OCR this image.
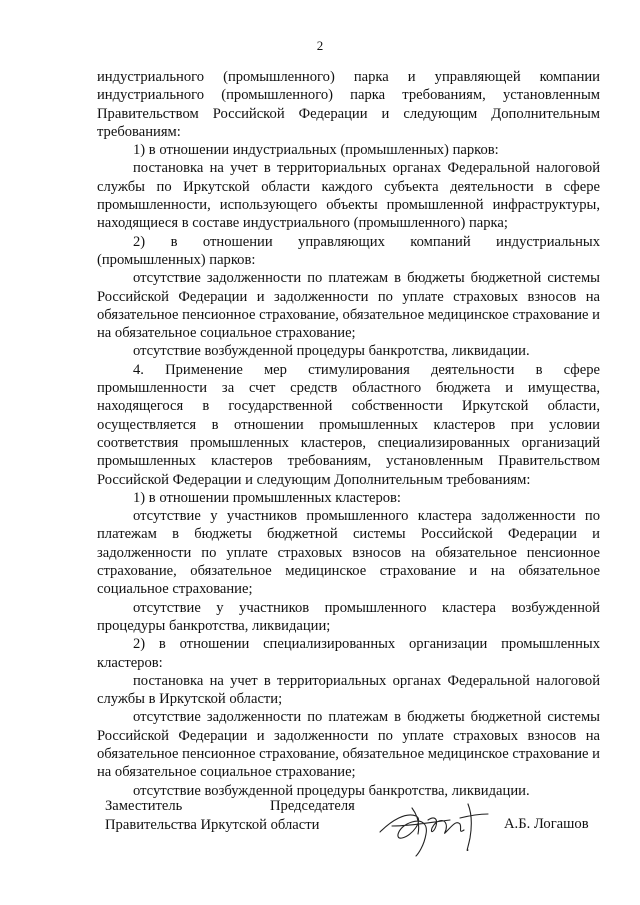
2

индустриального (промышленного) парка и управляющей компании индустриального (промышленного) парка требованиям, установленным Правительством Российской Федерации и следующим Дополнительным требованиям:

1) в отношении индустриальных (промышленных) парков:

постановка на учет в территориальных органах Федеральной налоговой службы по Иркутской области каждого субъекта деятельности в сфере промышленности, использующего объекты промышленной инфраструктуры, находящиеся в составе индустриального (промышленного) парка;

2) в отношении управляющих компаний индустриальных (промышленных) парков:

отсутствие задолженности по платежам в бюджеты бюджетной системы Российской Федерации и задолженности по уплате страховых взносов на обязательное пенсионное страхование, обязательное медицинское страхование и на обязательное социальное страхование;

отсутствие возбужденной процедуры банкротства, ликвидации.

4. Применение мер стимулирования деятельности в сфере промышленности за счет средств областного бюджета и имущества, находящегося в государственной собственности Иркутской области, осуществляется в отношении промышленных кластеров при условии соответствия промышленных кластеров, специализированных организаций промышленных кластеров требованиям, установленным Правительством Российской Федерации и следующим Дополнительным требованиям:

1) в отношении промышленных кластеров:

отсутствие у участников промышленного кластера задолженности по платежам в бюджеты бюджетной системы Российской Федерации и задолженности по уплате страховых взносов на обязательное пенсионное страхование, обязательное медицинское страхование и на обязательное социальное страхование;

отсутствие у участников промышленного кластера возбужденной процедуры банкротства, ликвидации;

2) в отношении специализированных организации промышленных кластеров:

постановка на учет в территориальных органах Федеральной налоговой службы в Иркутской области;

отсутствие задолженности по платежам в бюджеты бюджетной системы Российской Федерации и задолженности по уплате страховых взносов на обязательное пенсионное страхование, обязательное медицинское страхование и на обязательное социальное страхование;

отсутствие возбужденной процедуры банкротства, ликвидации.

Заместитель	Председателя
Правительства Иркутской области	А.Б. Логашов
